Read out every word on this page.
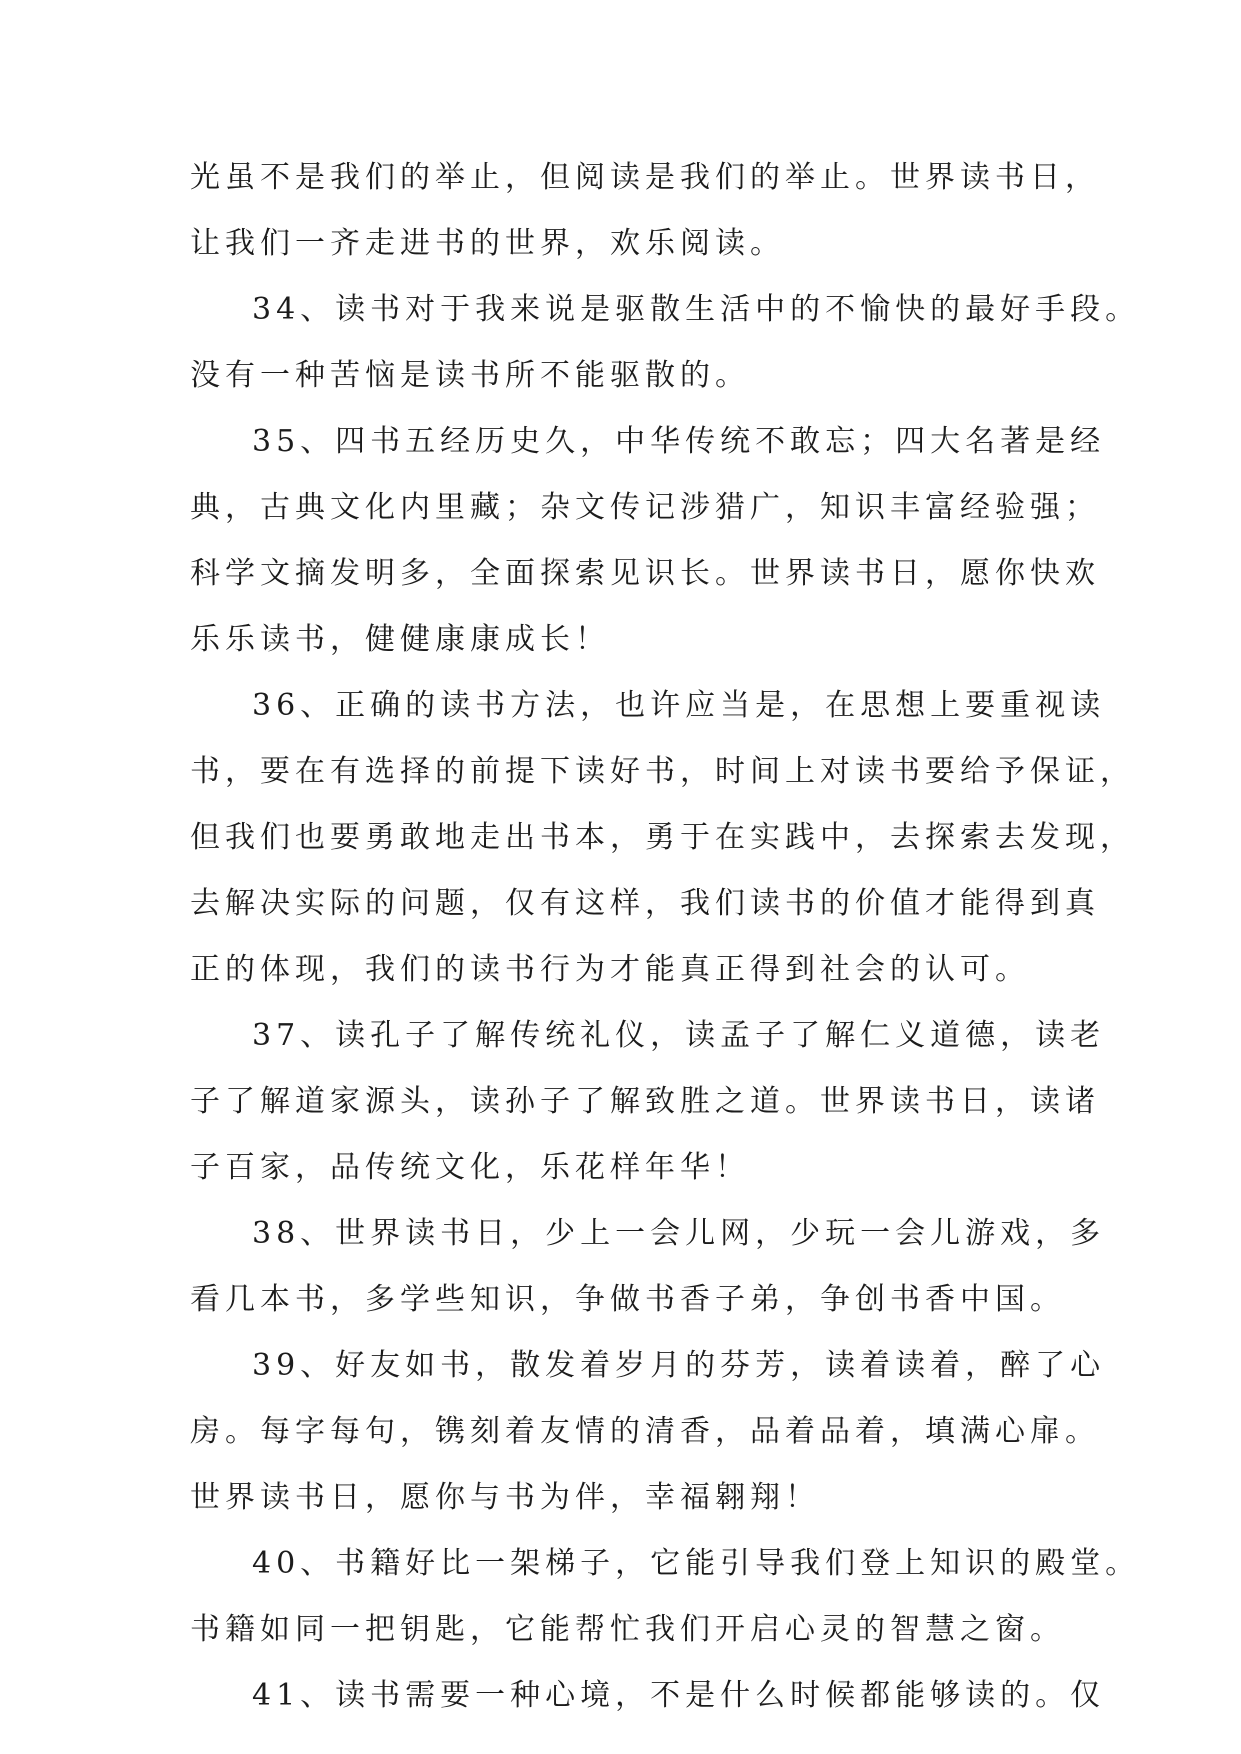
光虽不是我们的举止，但阅读是我们的举止。世界读书日，

让我们一齐走进书的世界，欢乐阅读。

34、读书对于我来说是驱散生活中的不愉快的最好手段。

没有一种苦恼是读书所不能驱散的。

35、四书五经历史久，中华传统不敢忘；四大名著是经

典，古典文化内里藏；杂文传记涉猎广，知识丰富经验强；

科学文摘发明多，全面探索见识长。世界读书日，愿你快欢

乐乐读书，健健康康成长！

36、正确的读书方法，也许应当是，在思想上要重视读

书，要在有选择的前提下读好书，时间上对读书要给予保证，

但我们也要勇敢地走出书本，勇于在实践中，去探索去发现，

去解决实际的问题，仅有这样，我们读书的价值才能得到真

正的体现，我们的读书行为才能真正得到社会的认可。

37、读孔子了解传统礼仪，读孟子了解仁义道德，读老

子了解道家源头，读孙子了解致胜之道。世界读书日，读诸

子百家，品传统文化，乐花样年华！

38、世界读书日，少上一会儿网，少玩一会儿游戏，多

看几本书，多学些知识，争做书香子弟，争创书香中国。

39、好友如书，散发着岁月的芬芳，读着读着，醉了心

房。每字每句，镌刻着友情的清香，品着品着，填满心扉。

世界读书日，愿你与书为伴，幸福翱翔！

40、书籍好比一架梯子，它能引导我们登上知识的殿堂。

书籍如同一把钥匙，它能帮忙我们开启心灵的智慧之窗。

41、读书需要一种心境，不是什么时候都能够读的。仅
